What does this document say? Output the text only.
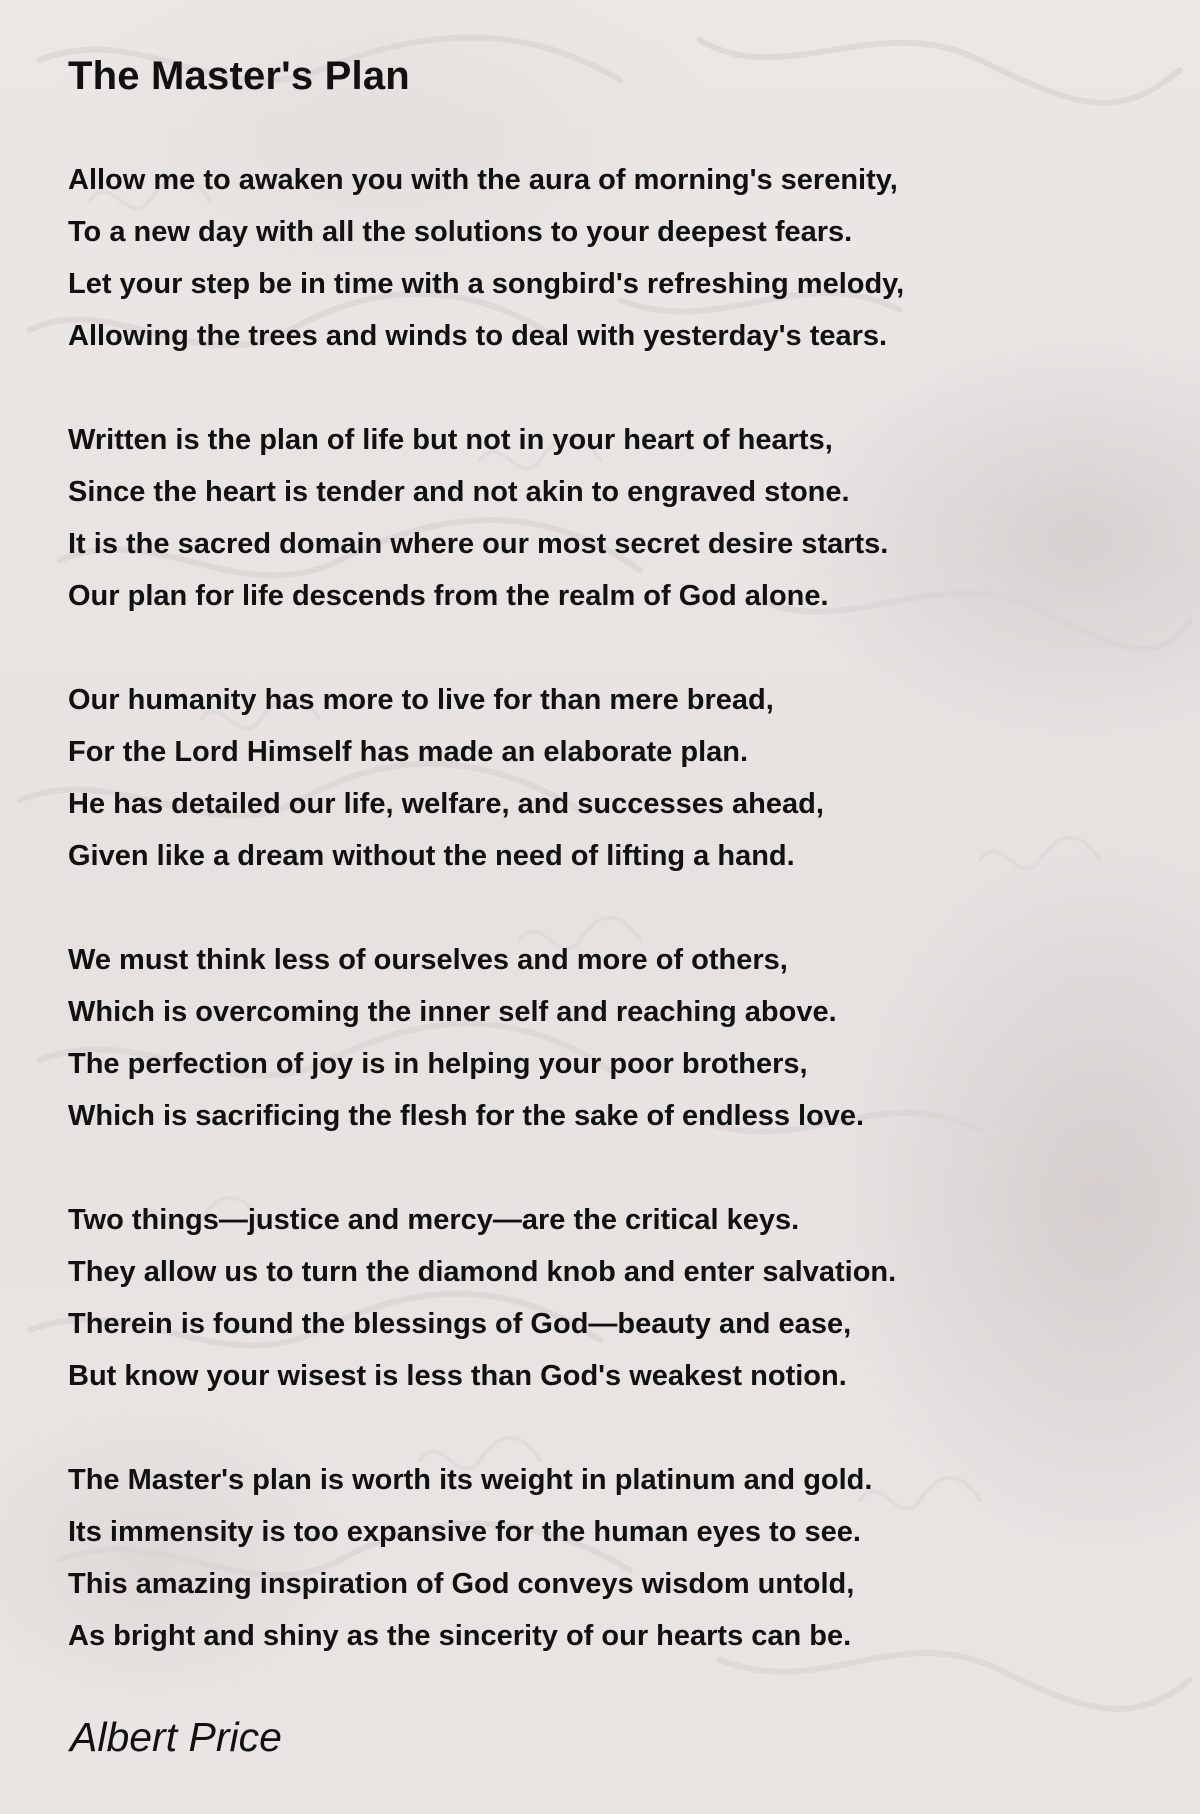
The Master's Plan
Allow me to awaken you with the aura of morning's serenity,
To a new day with all the solutions to your deepest fears.
Let your step be in time with a songbird's refreshing melody,
Allowing the trees and winds to deal with yesterday's tears.
Written is the plan of life but not in your heart of hearts,
Since the heart is tender and not akin to engraved stone.
It is the sacred domain where our most secret desire starts.
Our plan for life descends from the realm of God alone.
Our humanity has more to live for than mere bread,
For the Lord Himself has made an elaborate plan.
He has detailed our life, welfare, and successes ahead,
Given like a dream without the need of lifting a hand.
We must think less of ourselves and more of others,
Which is overcoming the inner self and reaching above.
The perfection of joy is in helping your poor brothers,
Which is sacrificing the flesh for the sake of endless love.
Two things—justice and mercy—are the critical keys.
They allow us to turn the diamond knob and enter salvation.
Therein is found the blessings of God—beauty and ease,
But know your wisest is less than God's weakest notion.
The Master's plan is worth its weight in platinum and gold.
Its immensity is too expansive for the human eyes to see.
This amazing inspiration of God conveys wisdom untold,
As bright and shiny as the sincerity of our hearts can be.
Albert Price
